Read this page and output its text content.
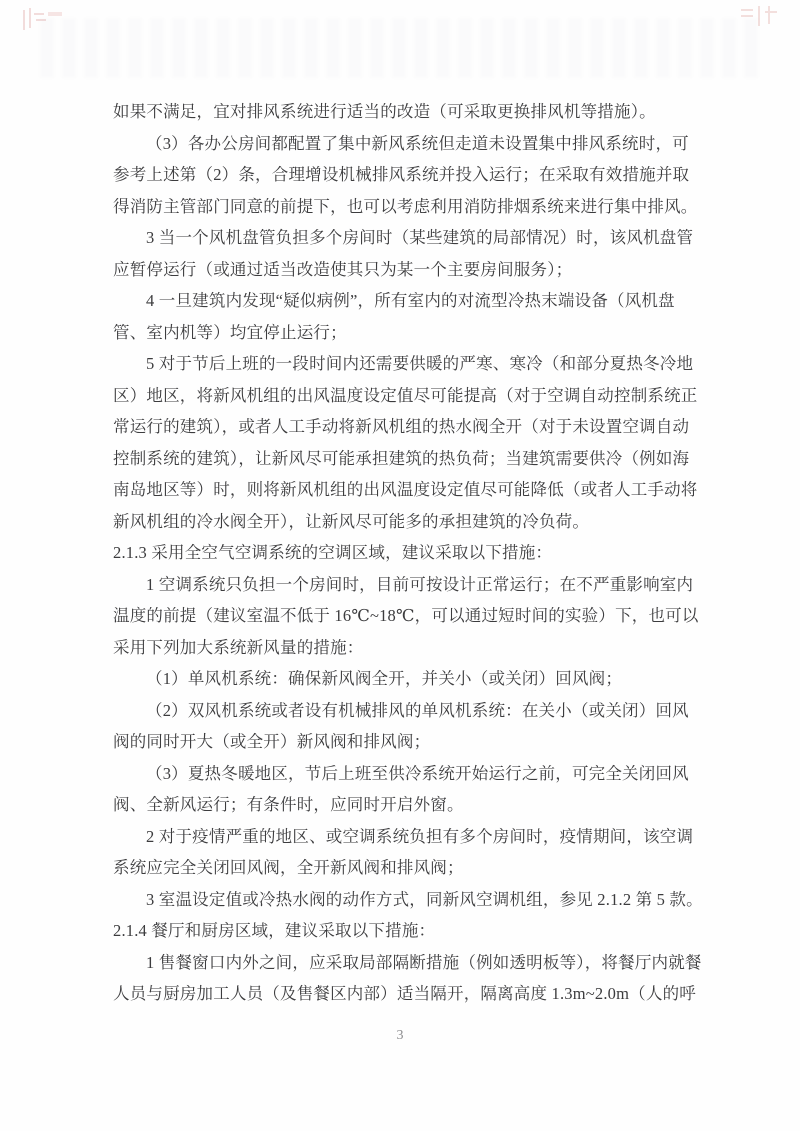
如果不满足，宜对排风系统进行适当的改造（可采取更换排风机等措施）。
（3）各办公房间都配置了集中新风系统但走道未设置集中排风系统时，可
参考上述第（2）条，合理增设机械排风系统并投入运行；在采取有效措施并取
得消防主管部门同意的前提下，也可以考虑利用消防排烟系统来进行集中排风。
3 当一个风机盘管负担多个房间时（某些建筑的局部情况）时，该风机盘管
应暂停运行（或通过适当改造使其只为某一个主要房间服务）；
4 一旦建筑内发现“疑似病例”，所有室内的对流型冷热末端设备（风机盘
管、室内机等）均宜停止运行；
5 对于节后上班的一段时间内还需要供暖的严寒、寒冷（和部分夏热冬冷地
区）地区，将新风机组的出风温度设定值尽可能提高（对于空调自动控制系统正
常运行的建筑），或者人工手动将新风机组的热水阀全开（对于未设置空调自动
控制系统的建筑），让新风尽可能承担建筑的热负荷；当建筑需要供冷（例如海
南岛地区等）时，则将新风机组的出风温度设定值尽可能降低（或者人工手动将
新风机组的冷水阀全开），让新风尽可能多的承担建筑的冷负荷。
2.1.3 采用全空气空调系统的空调区域，建议采取以下措施：
1 空调系统只负担一个房间时，目前可按设计正常运行；在不严重影响室内
温度的前提（建议室温不低于 16℃~18℃，可以通过短时间的实验）下，也可以
采用下列加大系统新风量的措施：
（1）单风机系统：确保新风阀全开，并关小（或关闭）回风阀；
（2）双风机系统或者设有机械排风的单风机系统：在关小（或关闭）回风
阀的同时开大（或全开）新风阀和排风阀；
（3）夏热冬暖地区，节后上班至供冷系统开始运行之前，可完全关闭回风
阀、全新风运行；有条件时，应同时开启外窗。
2 对于疫情严重的地区、或空调系统负担有多个房间时，疫情期间，该空调
系统应完全关闭回风阀，全开新风阀和排风阀；
3 室温设定值或冷热水阀的动作方式，同新风空调机组，参见 2.1.2 第 5 款。
2.1.4 餐厅和厨房区域，建议采取以下措施：
1 售餐窗口内外之间，应采取局部隔断措施（例如透明板等），将餐厅内就餐
人员与厨房加工人员（及售餐区内部）适当隔开，隔离高度 1.3m~2.0m（人的呼
3
